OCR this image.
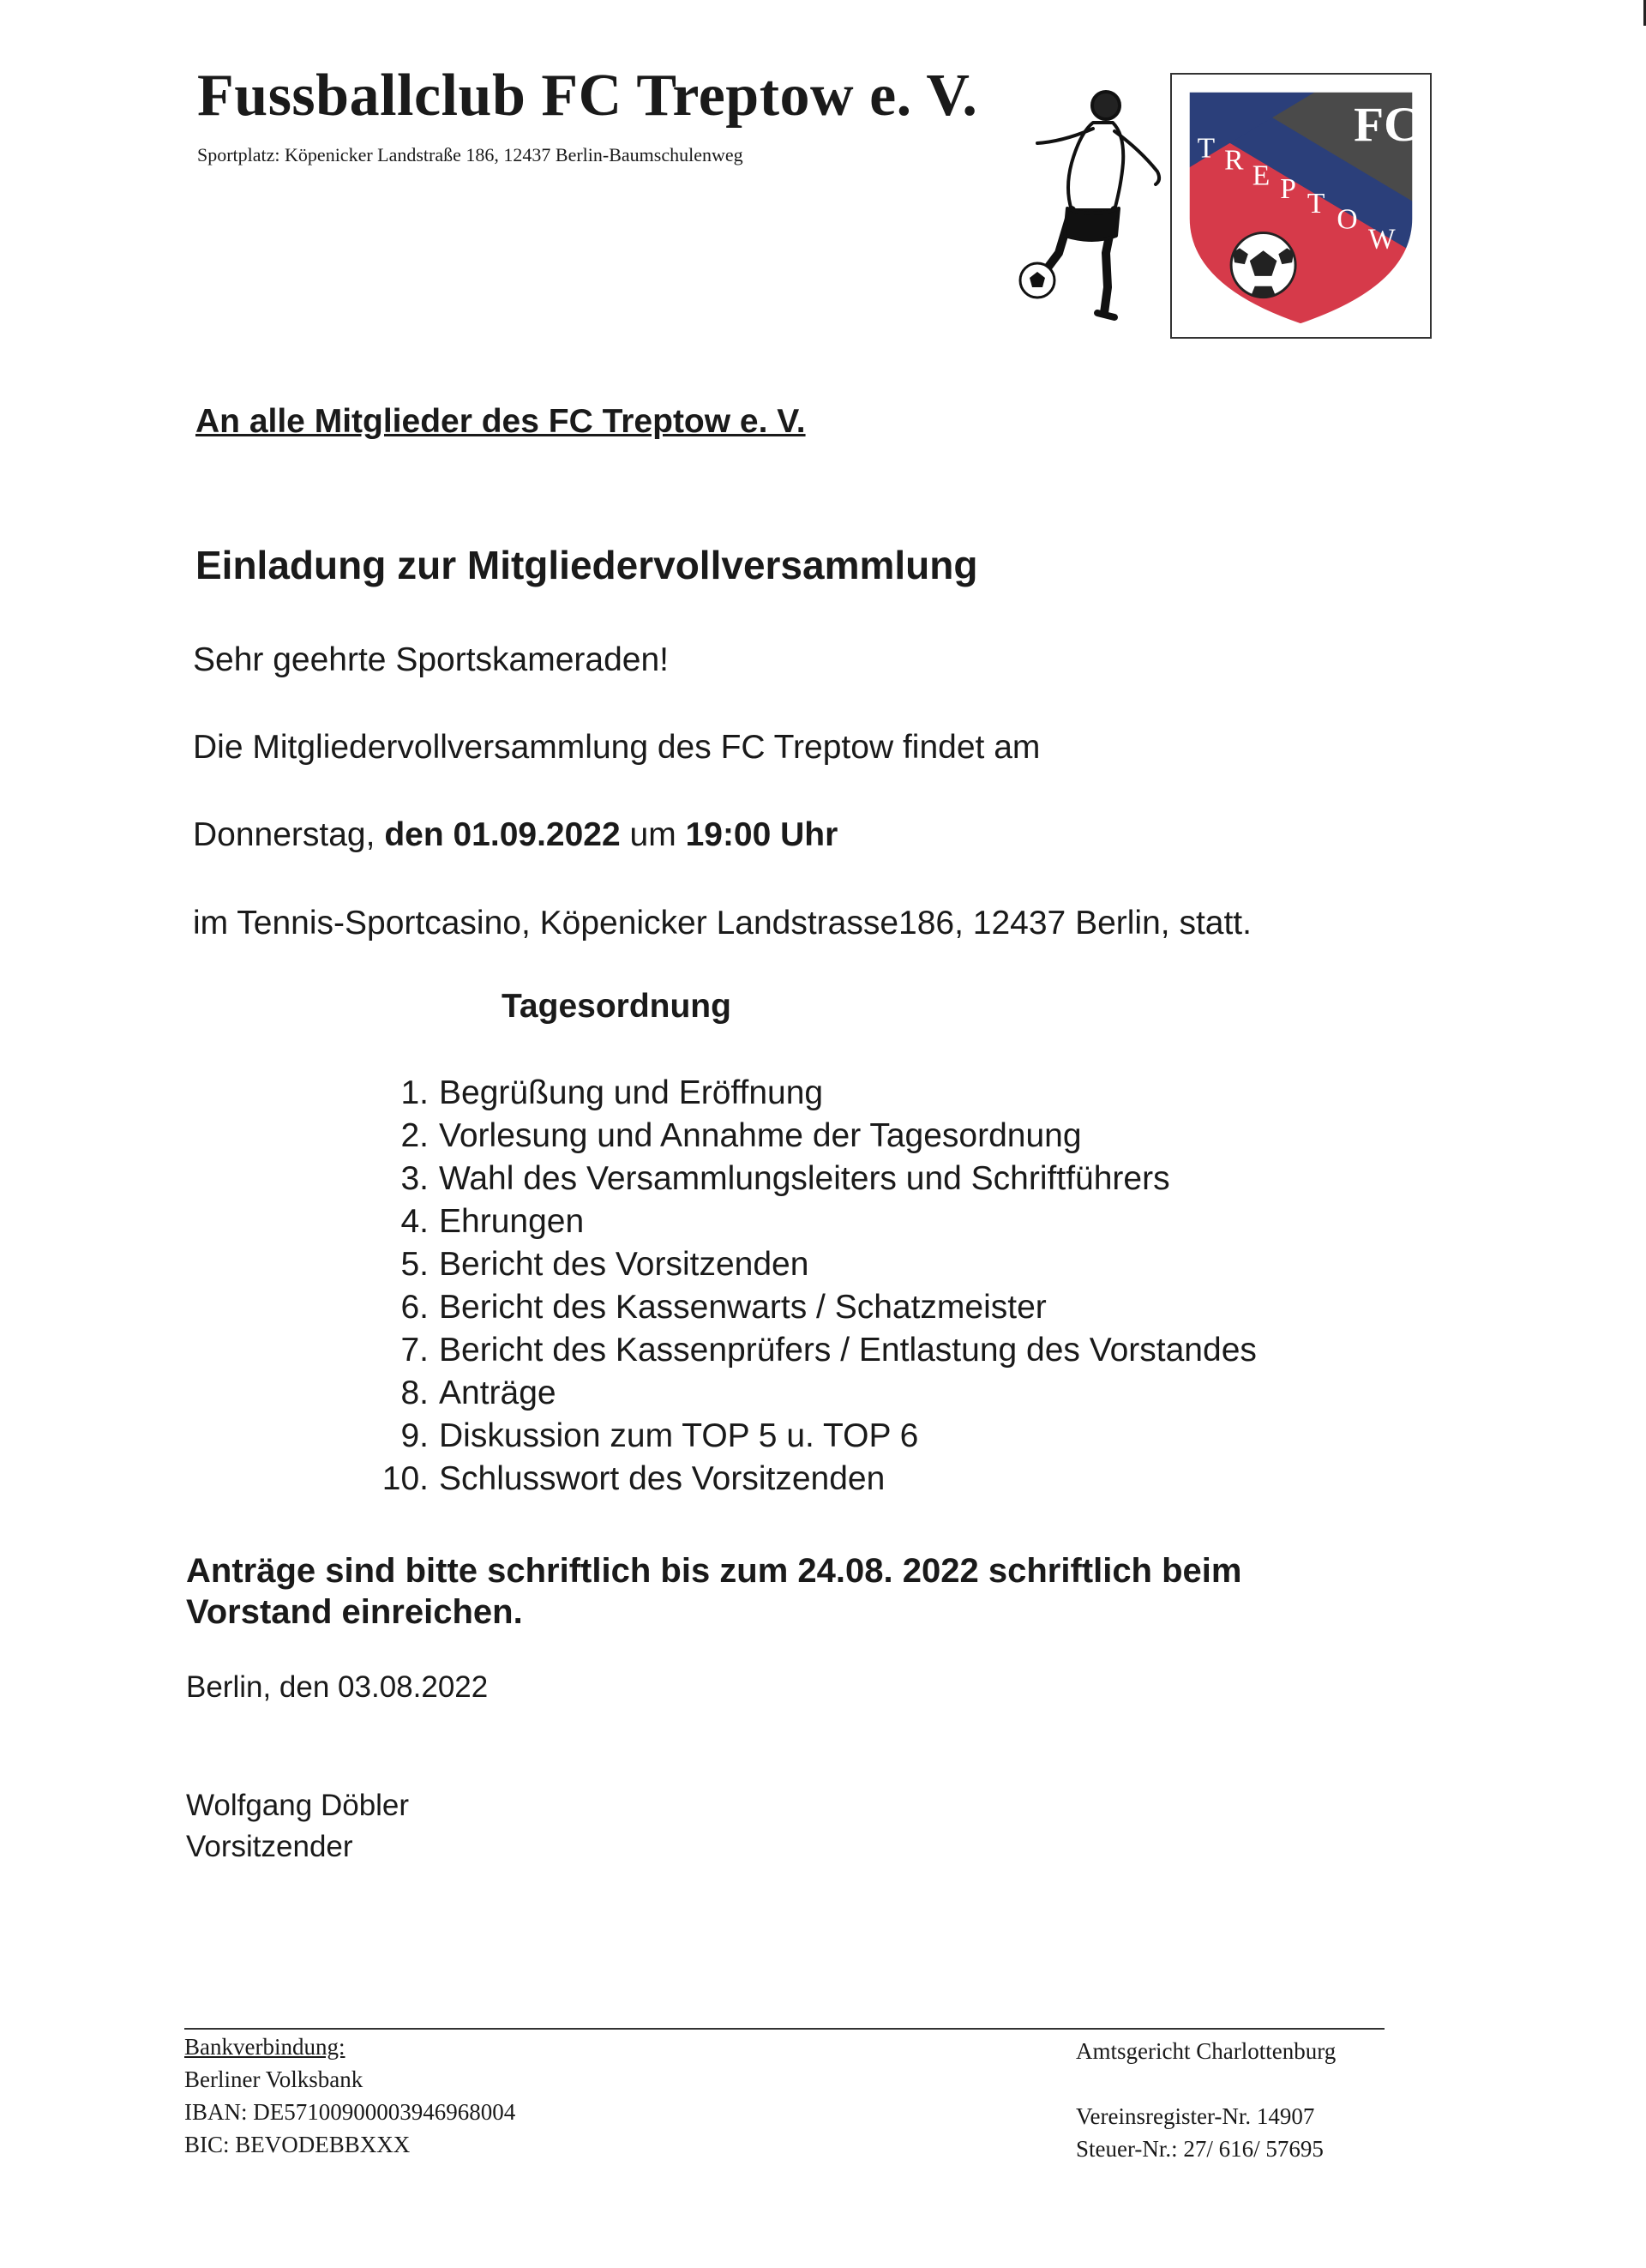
Fussballclub FC Treptow e. V.
Sportplatz: Köpenicker Landstraße 186, 12437 Berlin-Baumschulenweg
FC
T R E P T
O
W
An alle Mitglieder des FC Treptow e. V.
Einladung zur Mitgliedervollversammlung
Sehr geehrte Sportskameraden!
Die Mitgliedervollversammlung des FC Treptow findet am
Donnerstag, den 01.09.2022 um 19:00 Uhr
im Tennis-Sportcasino, Köpenicker Landstrasse186, 12437 Berlin, statt.
Tagesordnung
1. Begrüßung und Eröffnung
2. Vorlesung und Annahme der Tagesordnung
3. Wahl des Versammlungsleiters und Schriftführers
4. Ehrungen
5. Bericht des Vorsitzenden
6. Bericht des Kassenwarts / Schatzmeister
7. Bericht des Kassenprüfers / Entlastung des Vorstandes
8. Anträge
9. Diskussion zum TOP 5 u. TOP 6
10. Schlusswort des Vorsitzenden
Anträge sind bitte schriftlich bis zum 24.08. 2022 schriftlich beim
Vorstand einreichen.
Berlin, den 03.08.2022
Wolfgang Döbler
Vorsitzender
Bankverbindung:
Berliner Volksbank
IBAN: DE57100900003946968004
BIC: BEVODEBBXXX
Amtsgericht Charlottenburg
Vereinsregister-Nr. 14907
Steuer-Nr.: 27/ 616/ 57695
